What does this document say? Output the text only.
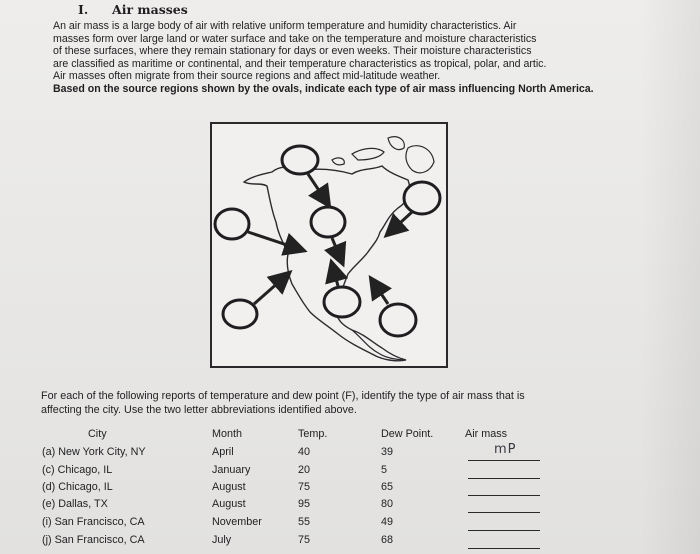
I. Air masses
An air mass is a large body of air with relative uniform temperature and humidity characteristics. Air
masses form over large land or water surface and take on the temperature and moisture characteristics
of these surfaces, where they remain stationary for days or even weeks. Their moisture characteristics
are classified as maritime or continental, and their temperature characteristics as tropical, polar, and artic.
Air masses often migrate from their source regions and affect mid-latitude weather.
Based on the source regions shown by the ovals, indicate each type of air mass influencing North America.
For each of the following reports of temperature and dew point (F), identify the type of air mass that is
affecting the city. Use the two letter abbreviations identified above.
City	Month	Temp.	Dew Point.	Air mass
(a) New York City, NY	April	40	39	mP
(c) Chicago, IL	January	20	5
(d) Chicago, IL	August	75	65
(e) Dallas, TX	August	95	80
(i) San Francisco, CA	November	55	49
(j) San Francisco, CA	July	75	68
